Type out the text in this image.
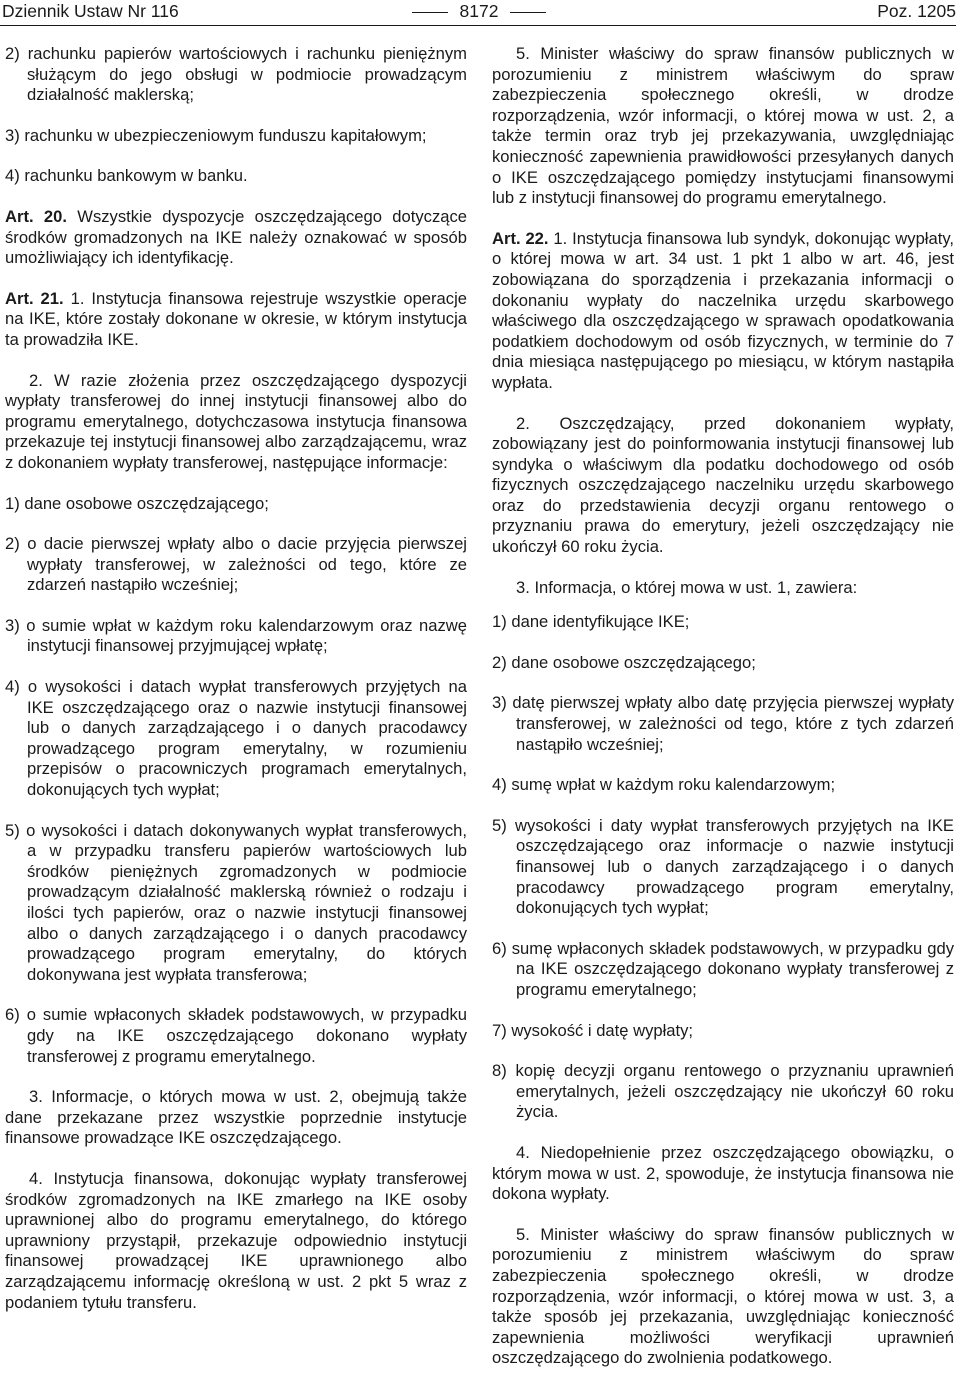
Dziennik Ustaw Nr 116	8172	Poz. 1205
2) rachunku papierów wartościowych i rachunku pieniężnym służącym do jego obsługi w podmiocie prowadzącym działalność maklerską;
3) rachunku w ubezpieczeniowym funduszu kapitałowym;
4) rachunku bankowym w banku.

Art. 20. Wszystkie dyspozycje oszczędzającego dotyczące środków gromadzonych na IKE należy oznakować w sposób umożliwiający ich identyfikację.

Art. 21. 1. Instytucja finansowa rejestruje wszystkie operacje na IKE, które zostały dokonane w okresie, w którym instytucja ta prowadziła IKE.

2. W razie złożenia przez oszczędzającego dyspozycji wypłaty transferowej do innej instytucji finansowej albo do programu emerytalnego, dotychczasowa instytucja finansowa przekazuje tej instytucji finansowej albo zarządzającemu, wraz z dokonaniem wypłaty transferowej, następujące informacje:

1) dane osobowe oszczędzającego;
2) o dacie pierwszej wpłaty albo o dacie przyjęcia pierwszej wypłaty transferowej, w zależności od tego, które ze zdarzeń nastąpiło wcześniej;
3) o sumie wpłat w każdym roku kalendarzowym oraz nazwę instytucji finansowej przyjmującej wpłatę;
4) o wysokości i datach wypłat transferowych przyjętych na IKE oszczędzającego oraz o nazwie instytucji finansowej lub o danych zarządzającego i o danych pracodawcy prowadzącego program emerytalny, w rozumieniu przepisów o pracowniczych programach emerytalnych, dokonujących tych wypłat;
5) o wysokości i datach dokonywanych wypłat transferowych, a w przypadku transferu papierów wartościowych lub środków pieniężnych zgromadzonych w podmiocie prowadzącym działalność maklerską również o rodzaju i ilości tych papierów, oraz o nazwie instytucji finansowej albo o danych zarządzającego i o danych pracodawcy prowadzącego program emerytalny, do których dokonywana jest wypłata transferowa;
6) o sumie wpłaconych składek podstawowych, w przypadku gdy na IKE oszczędzającego dokonano wypłaty transferowej z programu emerytalnego.

3. Informacje, o których mowa w ust. 2, obejmują także dane przekazane przez wszystkie poprzednie instytucje finansowe prowadzące IKE oszczędzającego.

4. Instytucja finansowa, dokonując wypłaty transferowej środków zgromadzonych na IKE zmarłego na IKE osoby uprawnionej albo do programu emerytalnego, do którego uprawniony przystąpił, przekazuje odpowiednio instytucji finansowej prowadzącej IKE uprawnionego albo zarządzającemu informację określoną w ust. 2 pkt 5 wraz z podaniem tytułu transferu.

5. Minister właściwy do spraw finansów publicznych w porozumieniu z ministrem właściwym do spraw zabezpieczenia społecznego określi, w drodze rozporządzenia, wzór informacji, o której mowa w ust. 2, a także termin oraz tryb jej przekazywania, uwzględniając konieczność zapewnienia prawidłowości przesyłanych danych o IKE oszczędzającego pomiędzy instytucjami finansowymi lub z instytucji finansowej do programu emerytalnego.

Art. 22. 1. Instytucja finansowa lub syndyk, dokonując wypłaty, o której mowa w art. 34 ust. 1 pkt 1 albo w art. 46, jest zobowiązana do sporządzenia i przekazania informacji o dokonaniu wypłaty do naczelnika urzędu skarbowego właściwego dla oszczędzającego w sprawach opodatkowania podatkiem dochodowym od osób fizycznych, w terminie do 7 dnia miesiąca następującego po miesiącu, w którym nastąpiła wypłata.

2. Oszczędzający, przed dokonaniem wypłaty, zobowiązany jest do poinformowania instytucji finansowej lub syndyka o właściwym dla podatku dochodowego od osób fizycznych oszczędzającego naczelniku urzędu skarbowego oraz do przedstawienia decyzji organu rentowego o przyznaniu prawa do emerytury, jeżeli oszczędzający nie ukończył 60 roku życia.

3. Informacja, o której mowa w ust. 1, zawiera:

1) dane identyfikujące IKE;
2) dane osobowe oszczędzającego;
3) datę pierwszej wpłaty albo datę przyjęcia pierwszej wypłaty transferowej, w zależności od tego, które z tych zdarzeń nastąpiło wcześniej;
4) sumę wpłat w każdym roku kalendarzowym;
5) wysokości i daty wypłat transferowych przyjętych na IKE oszczędzającego oraz informacje o nazwie instytucji finansowej lub o danych zarządzającego i o danych pracodawcy prowadzącego program emerytalny, dokonujących tych wypłat;
6) sumę wpłaconych składek podstawowych, w przypadku gdy na IKE oszczędzającego dokonano wypłaty transferowej z programu emerytalnego;
7) wysokość i datę wypłaty;
8) kopię decyzji organu rentowego o przyznaniu uprawnień emerytalnych, jeżeli oszczędzający nie ukończył 60 roku życia.

4. Niedopełnienie przez oszczędzającego obowiązku, o którym mowa w ust. 2, spowoduje, że instytucja finansowa nie dokona wypłaty.

5. Minister właściwy do spraw finansów publicznych w porozumieniu z ministrem właściwym do spraw zabezpieczenia społecznego określi, w drodze rozporządzenia, wzór informacji, o której mowa w ust. 3, a także sposób jej przekazania, uwzględniając konieczność zapewnienia możliwości weryfikacji uprawnień oszczędzającego do zwolnienia podatkowego.
